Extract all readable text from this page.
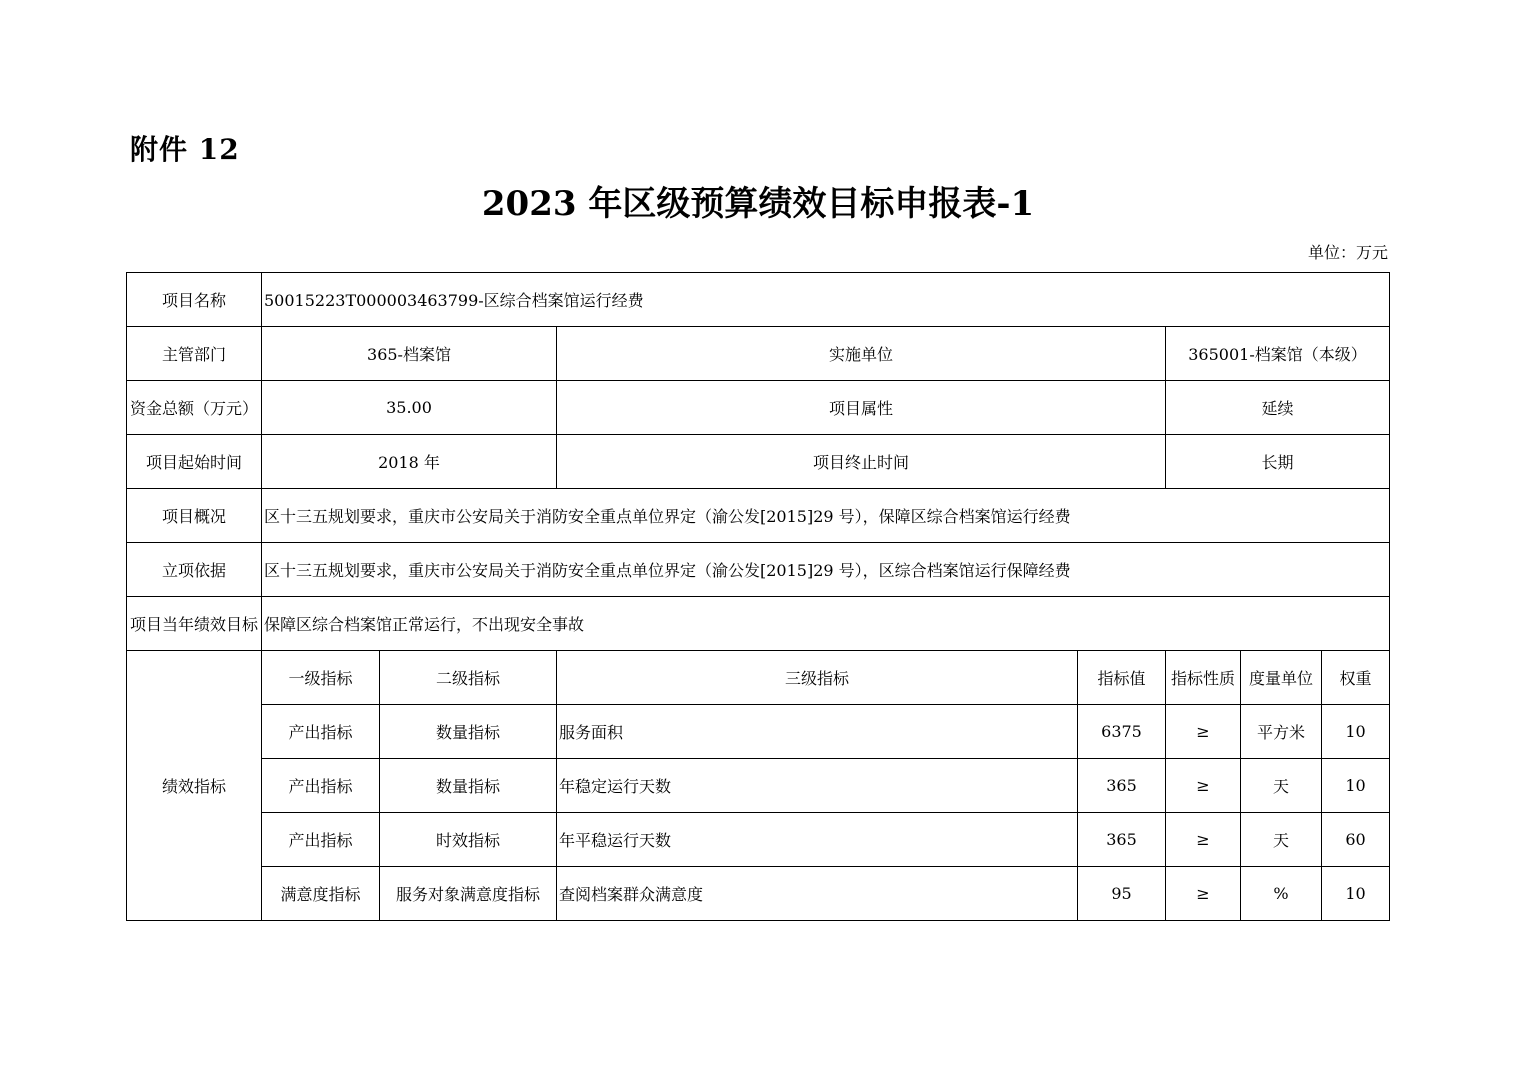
附件 12
2023 年区级预算绩效目标申报表-1
单位：万元
项目名称	50015223T000003463799-区综合档案馆运行经费						
主管部门	365-档案馆		实施单位		365001-档案馆（本级）		
资金总额（万元）	35.00		项目属性		延续		
项目起始时间	2018 年		项目终止时间		长期		
项目概况	区十三五规划要求，重庆市公安局关于消防安全重点单位界定（渝公发[2015]29 号），保障区综合档案馆运行经费						
立项依据	区十三五规划要求，重庆市公安局关于消防安全重点单位界定（渝公发[2015]29 号），区综合档案馆运行保障经费						
项目当年绩效目标	保障区综合档案馆正常运行，不出现安全事故						
绩效指标	一级指标	二级指标	三级指标	指标值	指标性质	度量单位	权重
	产出指标	数量指标	服务面积	6375	≥	平方米	10
	产出指标	数量指标	年稳定运行天数	365	≥	天	10
	产出指标	时效指标	年平稳运行天数	365	≥	天	60
	满意度指标	服务对象满意度指标	查阅档案群众满意度	95	≥	%	10
